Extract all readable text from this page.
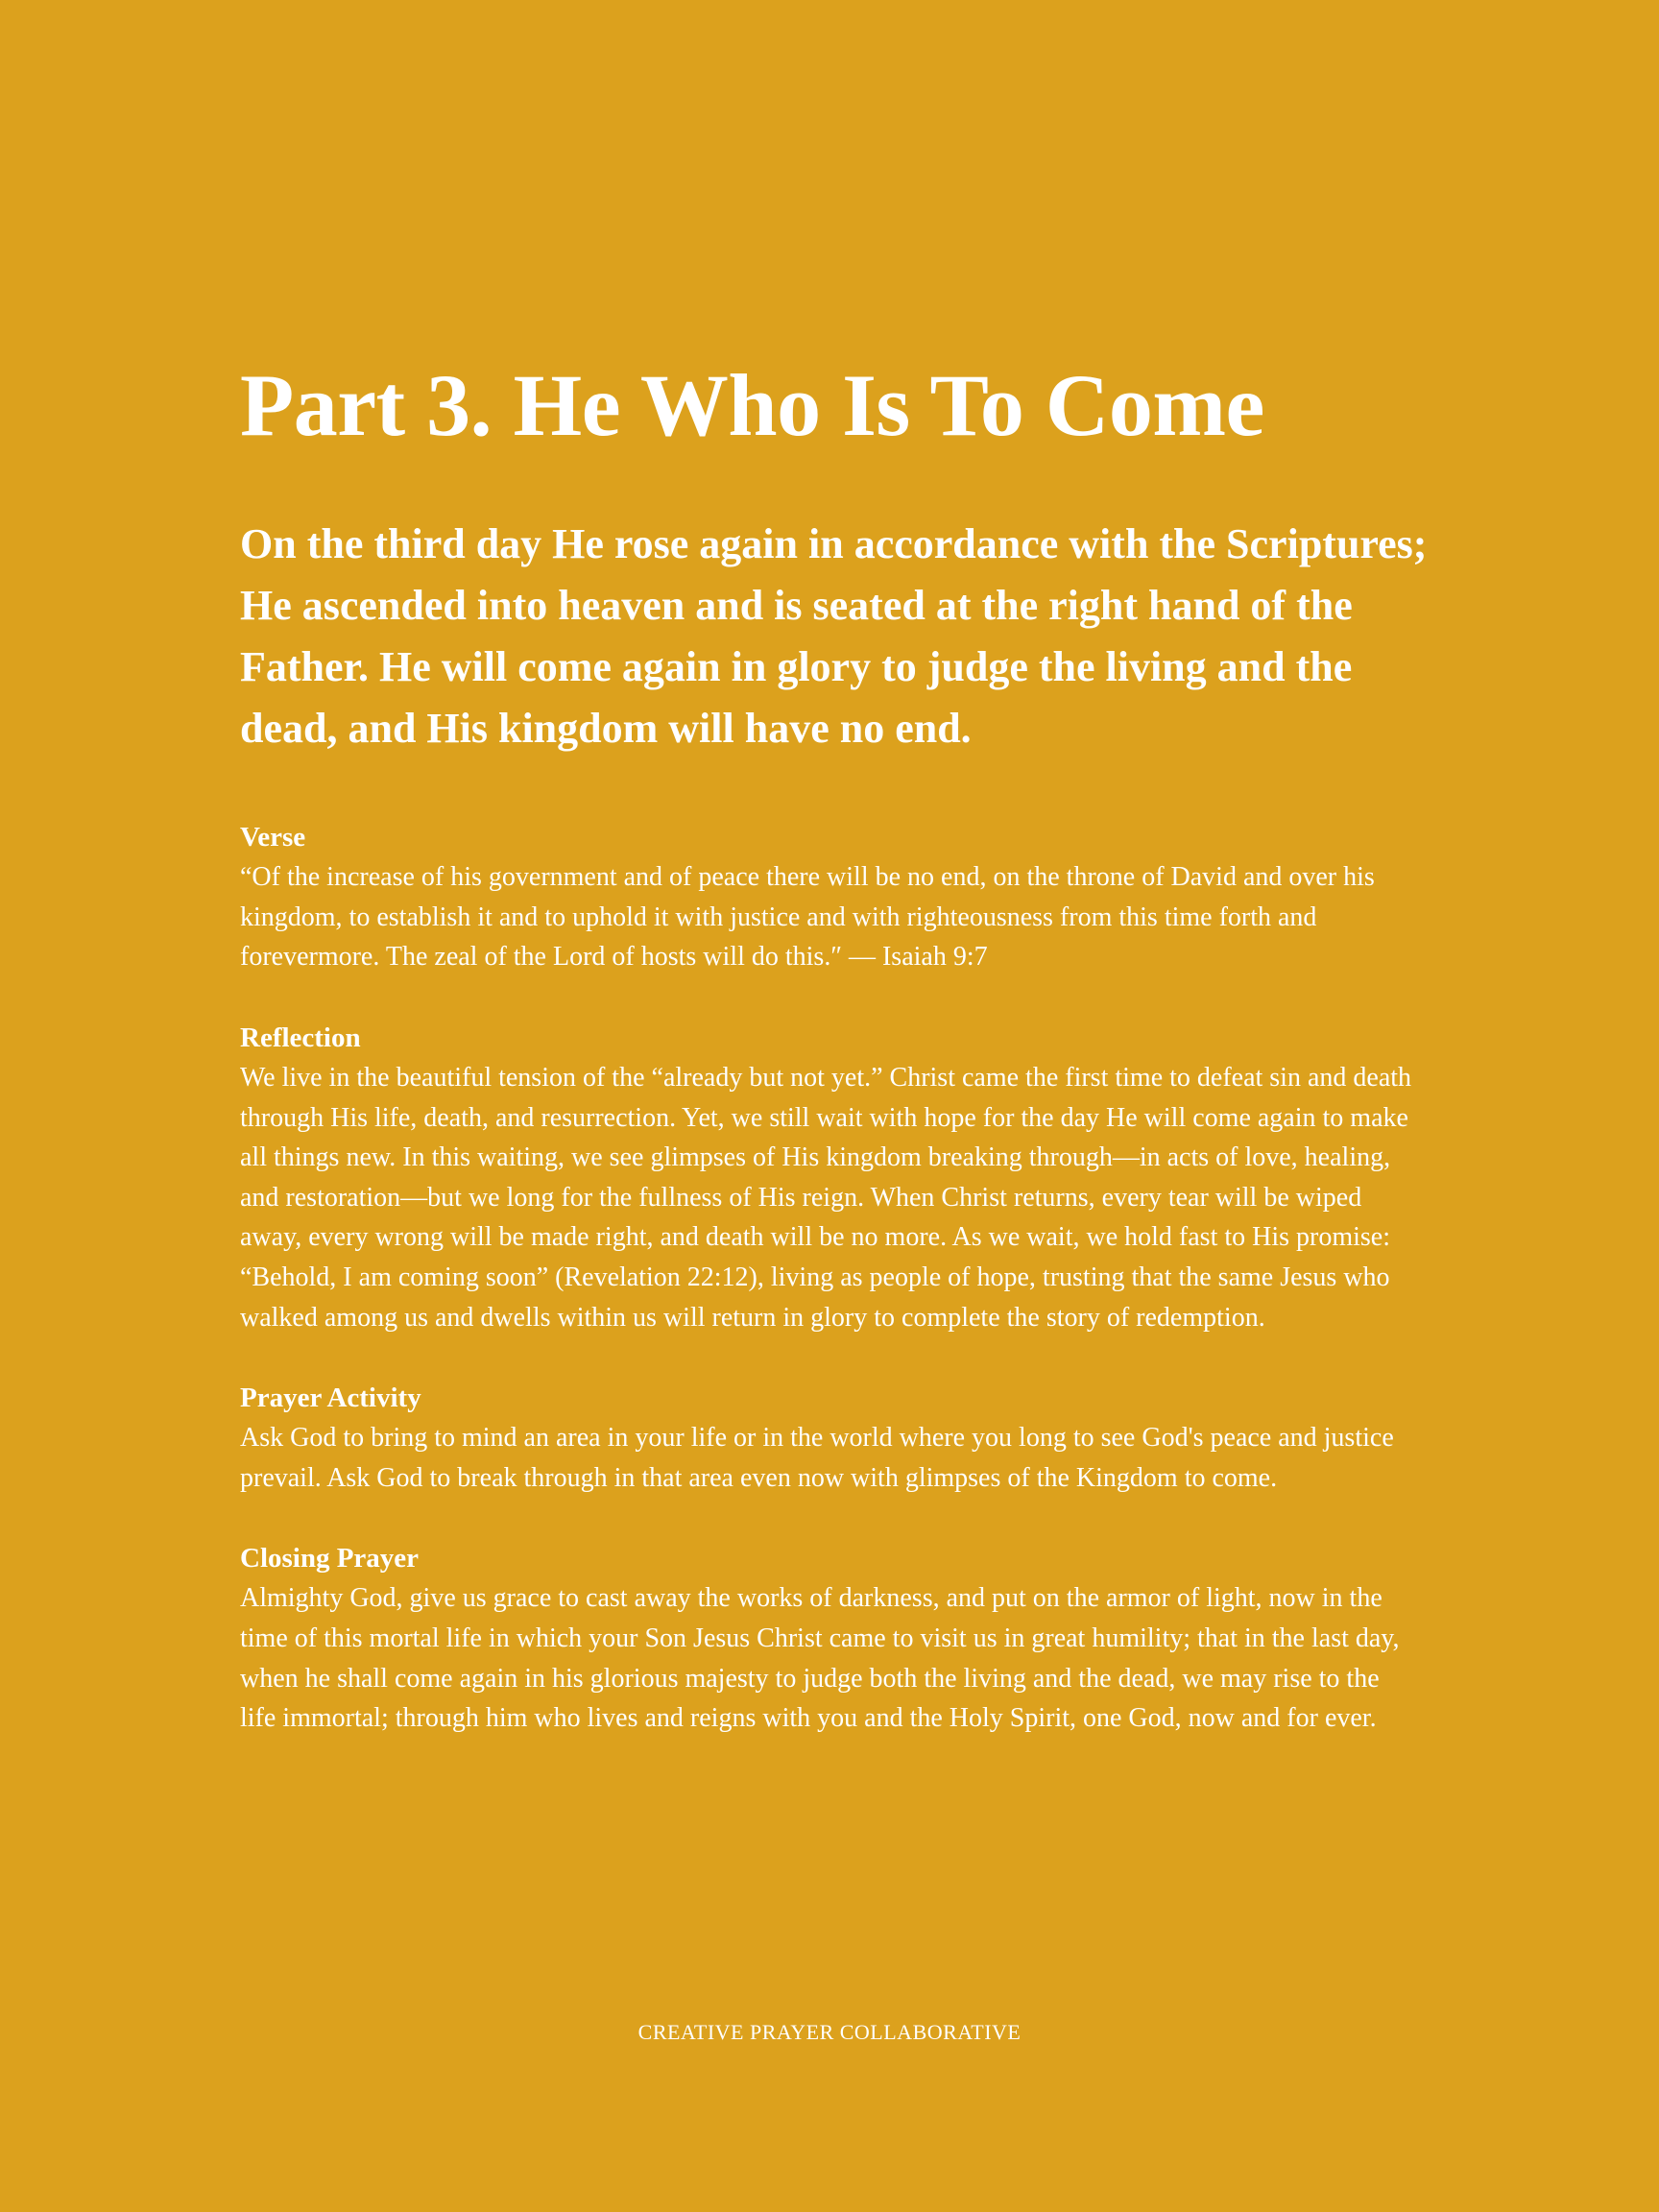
Part 3. He Who Is To Come

On the third day He rose again in accordance with the Scriptures; He ascended into heaven and is seated at the right hand of the Father. He will come again in glory to judge the living and the dead, and His kingdom will have no end.

Verse

“Of the increase of his government and of peace there will be no end, on the throne of David and over his kingdom, to establish it and to uphold it with justice and with righteousness from this time forth and forevermore. The zeal of the Lord of hosts will do this.″ — Isaiah 9:7

Reflection

We live in the beautiful tension of the “already but not yet.” Christ came the first time to defeat sin and death through His life, death, and resurrection. Yet, we still wait with hope for the day He will come again to make all things new. In this waiting, we see glimpses of His kingdom breaking through—in acts of love, healing, and restoration—but we long for the fullness of His reign. When Christ returns, every tear will be wiped away, every wrong will be made right, and death will be no more. As we wait, we hold fast to His promise: “Behold, I am coming soon” (Revelation 22:12), living as people of hope, trusting that the same Jesus who walked among us and dwells within us will return in glory to complete the story of redemption.

Prayer Activity

Ask God to bring to mind an area in your life or in the world where you long to see God's peace and justice prevail. Ask God to break through in that area even now with glimpses of the Kingdom to come.

Closing Prayer

Almighty God, give us grace to cast away the works of darkness, and put on the armor of light, now in the time of this mortal life in which your Son Jesus Christ came to visit us in great humility; that in the last day, when he shall come again in his glorious majesty to judge both the living and the dead, we may rise to the life immortal; through him who lives and reigns with you and the Holy Spirit, one God, now and for ever.

CREATIVE PRAYER COLLABORATIVE
